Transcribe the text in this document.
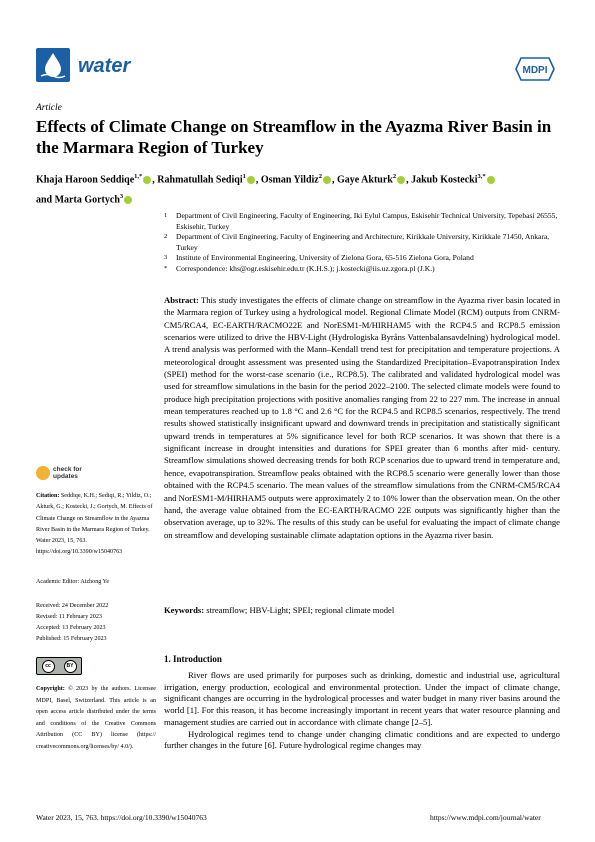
water	MDPI
Article
Effects of Climate Change on Streamflow in the Ayazma River Basin in the Marmara Region of Turkey
Khaja Haroon Seddiqe$^{1,*}$ , Rahmatullah Sediqi$^1$ , Osman Yildiz$^2$ , Gaye Akturk$^2$ , Jakub Kostecki$^{3,*}$
and Marta Gortych$^3$
1	Department of Civil Engineering, Faculty of Engineering, Iki Eylul Campus, Eskisehir Technical University, Tepebasi 26555, Eskisehir, Turkey
2	Department of Civil Engineering, Faculty of Engineering and Architecture, Kirikkale University, Kirikkale 71450, Ankara, Turkey
3	Institute of Environmental Engineering, University of Zielona Gora, 65-516 Zielona Gora, Poland
*	Correspondence: khs@ogr.eskisehir.edu.tr (K.H.S.); j.kostecki@iis.uz.zgora.pl (J.K.)
Abstract: This study investigates the effects of climate change on streamflow in the Ayazma river basin located in the Marmara region of Turkey using a hydrological model. Regional Climate Model (RCM) outputs from CNRM-CM5/RCA4, EC-EARTH/RACMO22E and NorESM1-M/HIRHAM5 with the RCP4.5 and RCP8.5 emission scenarios were utilized to drive the HBV-Light (Hydrologiska Byråns Vattenbalansavdelning) hydrological model. A trend analysis was performed with the Mann–Kendall trend test for precipitation and temperature projections. A meteorological drought assessment was presented using the Standardized Precipitation–Evapotranspiration Index (SPEI) method for the worst-case scenario (i.e., RCP8.5). The calibrated and validated hydrological model was used for streamflow simulations in the basin for the period 2022–2100. The selected climate models were found to produce high precipitation projections with positive anomalies ranging from 22 to 227 mm. The increase in annual mean temperatures reached up to 1.8 °C and 2.6 °C for the RCP4.5 and RCP8.5 scenarios, respectively. The trend results showed statistically insignificant upward and downward trends in precipitation and statistically significant upward trends in temperatures at 5% significance level for both RCP scenarios. It was shown that there is a significant increase in drought intensities and durations for SPEI greater than 6 months after mid- century. Streamflow simulations showed decreasing trends for both RCP scenarios due to upward trend in temperature and, hence, evapotranspiration. Streamflow peaks obtained with the RCP8.5 scenario were generally lower than those obtained with the RCP4.5 scenario. The mean values of the streamflow simulations from the CNRM-CM5/RCA4 and NorESM1-M/HIRHAM5 outputs were approximately 2 to 10% lower than the observation mean. On the other hand, the average value obtained from the EC-EARTH/RACMO 22E outputs was significantly higher than the observation average, up to 32%. The results of this study can be useful for evaluating the impact of climate change on streamflow and developing sustainable climate adaptation options in the Ayazma river basin.
Keywords: streamflow; HBV-Light; SPEI; regional climate model
check for
updates
Citation: Seddiqe, K.H.; Sediqi, R.; Yildiz, O.; Akturk, G.; Kostecki, J.; Gortych, M. Effects of Climate Change on Streamflow in the Ayazma River Basin in the Marmara Region of Turkey. Water 2023, 15, 763. https://doi.org/10.3390/w15040763
Academic Editor: Aizhong Ye
Received: 24 December 2022
Revised: 11 February 2023
Accepted: 13 February 2023
Published: 15 February 2023
cc	BY
Copyright: © 2023 by the authors. Licensee MDPI, Basel, Switzerland. This article is an open access article distributed under the terms and conditions of the Creative Commons Attribution (CC BY) license (https:// creativecommons.org/licenses/by/ 4.0/).
1. Introduction

River flows are used primarily for purposes such as drinking, domestic and industrial use, agricultural irrigation, energy production, ecological and environmental protection. Under the impact of climate change, significant changes are occurring in the hydrological processes and water budget in many river basins around the world [1]. For this reason, it has become increasingly important in recent years that water resource planning and management studies are carried out in accordance with climate change [2–5].

Hydrological regimes tend to change under changing climatic conditions and are expected to undergo further changes in the future [6]. Future hydrological regime changes may

Water 2023, 15, 763. https://doi.org/10.3390/w15040763	https://www.mdpi.com/journal/water
